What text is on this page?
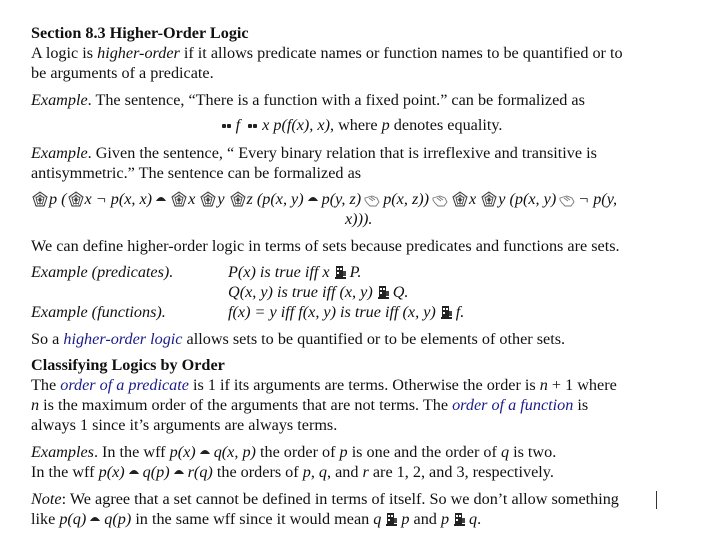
Section 8.3 Higher-Order Logic
A logic is higher-order if it allows predicate names or function names to be quantified or to
be arguments of a predicate.
Example. The sentence, “There is a function with a fixed point.” can be formalized as
f x p(f(x), x), where p denotes equality.
Example. Given the sentence, “ Every binary relation that is irreflexive and transitive is
antisymmetric.” The sentence can be formalized as
p ( x ¬ p(x, x) x y z (p(x, y) p(y, z) p(x, z)) x y (p(x, y) ¬ p(y,
x))).
We can define higher-order logic in terms of sets because predicates and functions are sets.
Example (predicates).	P(x) is true iff x P.
Q(x, y) is true iff (x, y) Q.
Example (functions).	f(x) = y iff f(x, y) is true iff (x, y) f.
So a higher-order logic allows sets to be quantified or to be elements of other sets.
Classifying Logics by Order
The order of a predicate is 1 if its arguments are terms. Otherwise the order is n + 1 where
n is the maximum order of the arguments that are not terms. The order of a function is
always 1 since it’s arguments are always terms.
Examples. In the wff p(x) q(x, p) the order of p is one and the order of q is two.
In the wff p(x) q(p) r(q) the orders of p, q, and r are 1, 2, and 3, respectively.
Note: We agree that a set cannot be defined in terms of itself. So we don’t allow something
like p(q) q(p) in the same wff since it would mean q p and p q.
